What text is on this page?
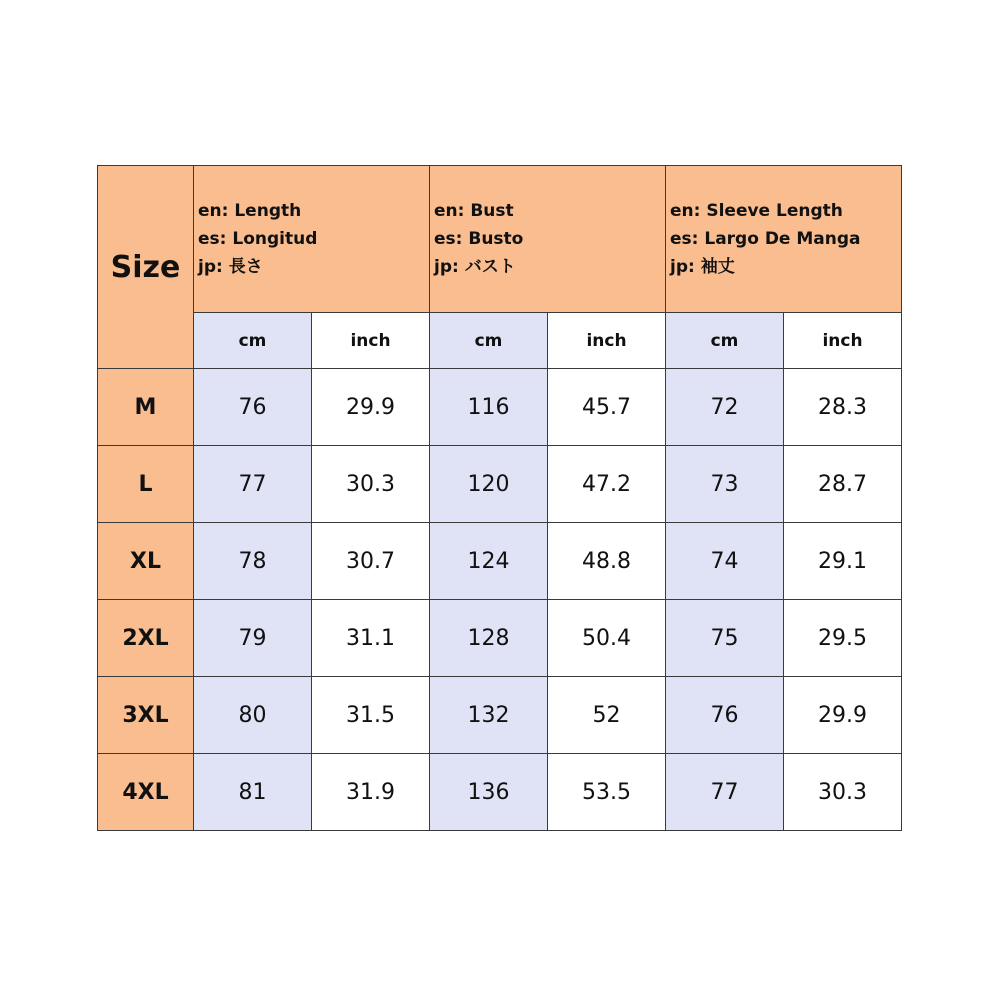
Size	en: Length
es: Longitud
jp: 長さ		en: Bust
es: Busto
jp: バスト		en: Sleeve Length
es: Largo De Manga
jp: 袖丈	

	cm	inch	cm	inch	cm	inch
M	76	29.9	116	45.7	72	28.3
L	77	30.3	120	47.2	73	28.7
XL	78	30.7	124	48.8	74	29.1
2XL	79	31.1	128	50.4	75	29.5
3XL	80	31.5	132	52	76	29.9
4XL	81	31.9	136	53.5	77	30.3
